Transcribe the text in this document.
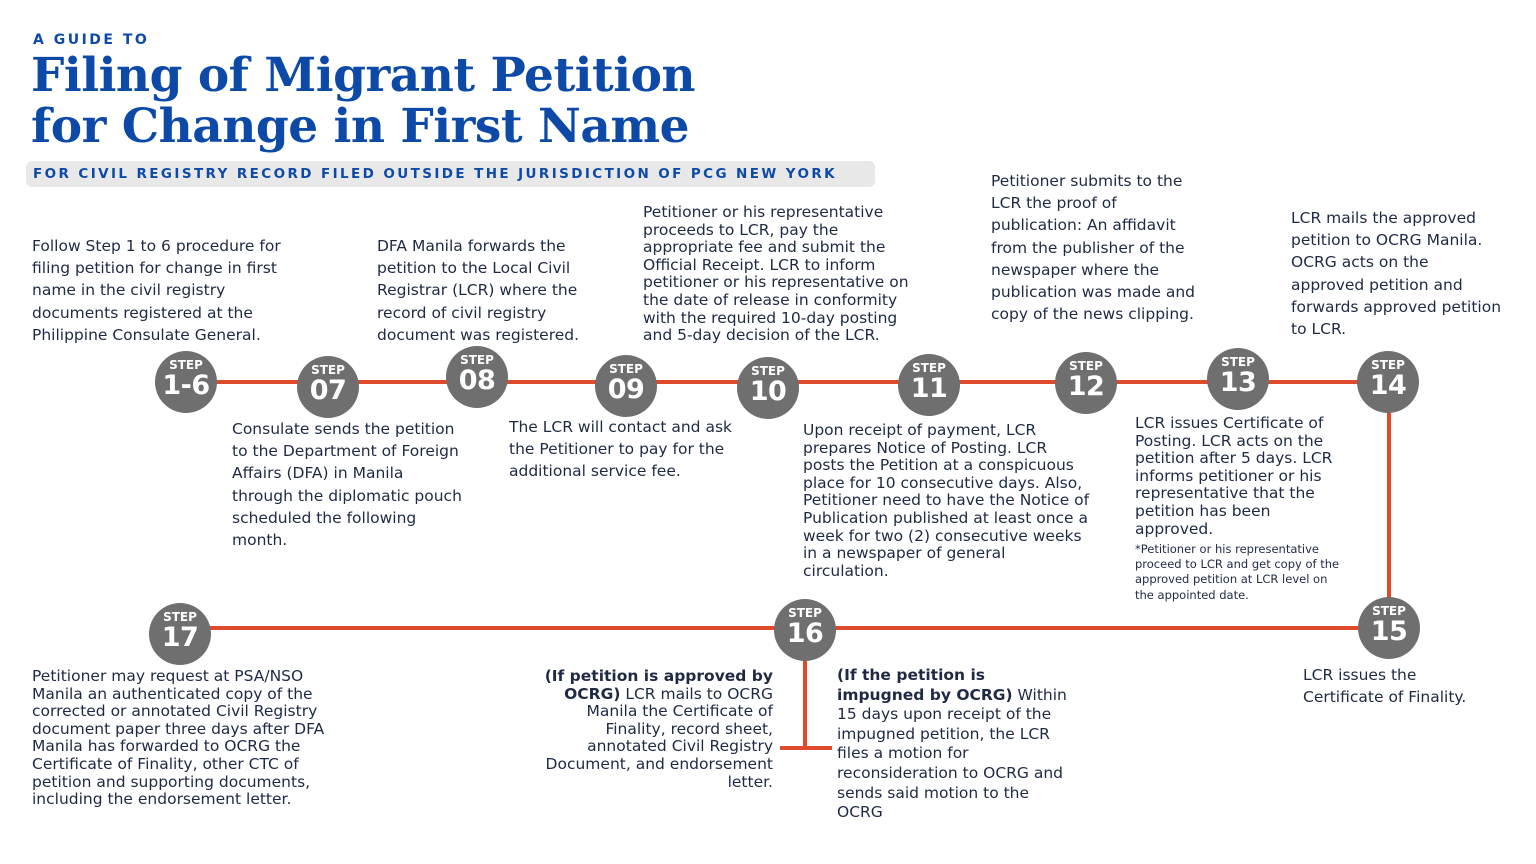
A GUIDE TO
Filing of Migrant Petition
for Change in First Name
FOR CIVIL REGISTRY RECORD FILED OUTSIDE THE JURISDICTION OF PCG NEW YORK
STEP
1-6	STEP
07
STEP
08	STEP
09
STEP
10
STEP
11
STEP
12
STEP
13
STEP
14
STEP
15
STEP
16
STEP
17
Follow Step 1 to 6 procedure for filing petition for change in first name in the civil registry documents registered at the Philippine Consulate General.
Consulate sends the petition to the Department of Foreign Affairs (DFA) in Manila through the diplomatic pouch scheduled the following month.
DFA Manila forwards the petition to the Local Civil Registrar (LCR) where the record of civil registry document was registered.
The LCR will contact and ask the Petitioner to pay for the additional service fee.
Petitioner or his representative proceeds to LCR, pay the appropriate fee and submit the Official Receipt. LCR to inform petitioner or his representative on the date of release in conformity with the required 10-day posting and 5-day decision of the LCR.
Upon receipt of payment, LCR prepares Notice of Posting. LCR posts the Petition at a conspicuous place for 10 consecutive days. Also, Petitioner need to have the Notice of Publication published at least once a week for two (2) consecutive weeks in a newspaper of general circulation.
Petitioner submits to the LCR the proof of publication: An affidavit from the publisher of the newspaper where the publication was made and copy of the news clipping.
LCR issues Certificate of Posting. LCR acts on the petition after 5 days. LCR informs petitioner or his representative that the petition has been approved.
*Petitioner or his representative proceed to LCR and get copy of the approved petition at LCR level on the appointed date.
LCR mails the approved petition to OCRG Manila. OCRG acts on the approved petition and forwards approved petition to LCR.
LCR issues the Certificate of Finality.
(If petition is approved by OCRG) LCR mails to OCRG Manila the Certificate of Finality, record sheet, annotated Civil Registry Document, and endorsement letter.
(If the petition is impugned by OCRG) Within 15 days upon receipt of the impugned petition, the LCR files a motion for reconsideration to OCRG and sends said motion to the OCRG
Petitioner may request at PSA/NSO Manila an authenticated copy of the corrected or annotated Civil Registry document paper three days after DFA Manila has forwarded to OCRG the Certificate of Finality, other CTC of petition and supporting documents, including the endorsement letter.
